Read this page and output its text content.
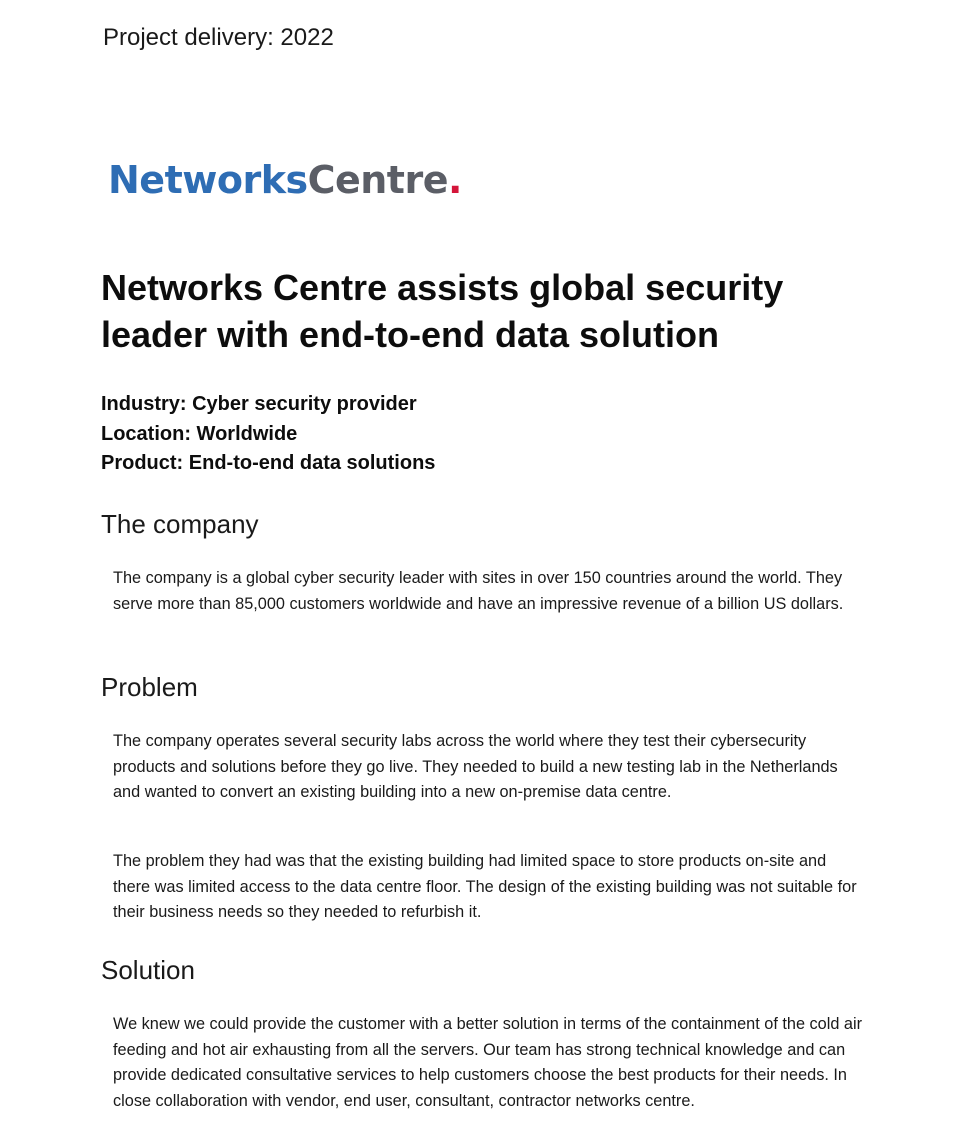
Project delivery: 2022
NetworksCentre.
Networks Centre assists global security leader with end-to-end data solution
Industry: Cyber security provider
Location: Worldwide
Product: End-to-end data solutions
The company

The company is a global cyber security leader with sites in over 150 countries around the world. They serve more than 85,000 customers worldwide and have an impressive revenue of a billion US dollars.

Problem

The company operates several security labs across the world where they test their cybersecurity products and solutions before they go live. They needed to build a new testing lab in the Netherlands and wanted to convert an existing building into a new on-premise data centre.

The problem they had was that the existing building had limited space to store products on-site and there was limited access to the data centre floor. The design of the existing building was not suitable for their business needs so they needed to refurbish it.

Solution

We knew we could provide the customer with a better solution in terms of the containment of the cold air feeding and hot air exhausting from all the servers. Our team has strong technical knowledge and can provide dedicated consultative services to help customers choose the best products for their needs. In close collaboration with vendor, end user, consultant, contractor networks centre.
